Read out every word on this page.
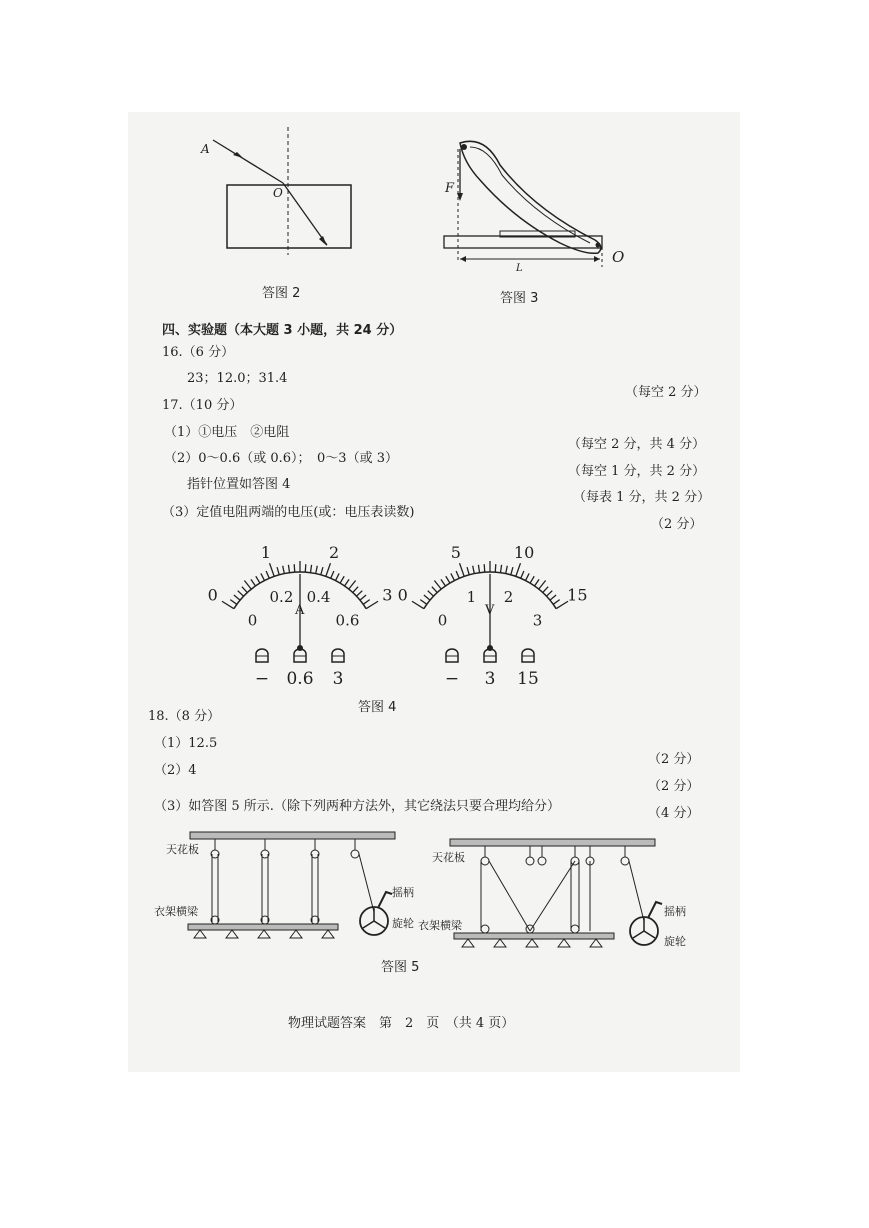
A
O
答图 2
F
O
L
答图 3
四、实验题（本大题 3 小题，共 24 分）
16.（6 分）
23；12.0；31.4
（每空 2 分）
17.（10 分）
（1）①电压　②电阻
（每空 2 分，共 4 分）
（2）0～0.6（或 0.6）；　0～3（或 3）
（每空 1 分，共 2 分）
指针位置如答图 4
（每表 1 分，共 2 分）
（3）定值电阻两端的电压(或：电压表读数)
（2 分）
0
1	2
3
0
0.2 0.4
0.6
− 0.6 3
A
0
5	10
15
0
1 2
3
− 3 15
V
答图 4
18.（8 分）
（1）12.5
（2 分）
（2）4
（2 分）
（3）如答图 5 所示.（除下列两种方法外，其它绕法只要合理均给分）	（4 分）
天花板
衣架横梁
摇柄
旋轮
天花板
衣架横梁
摇柄
旋轮
答图 5
物理试题答案　第　2　页　（共 4 页）
